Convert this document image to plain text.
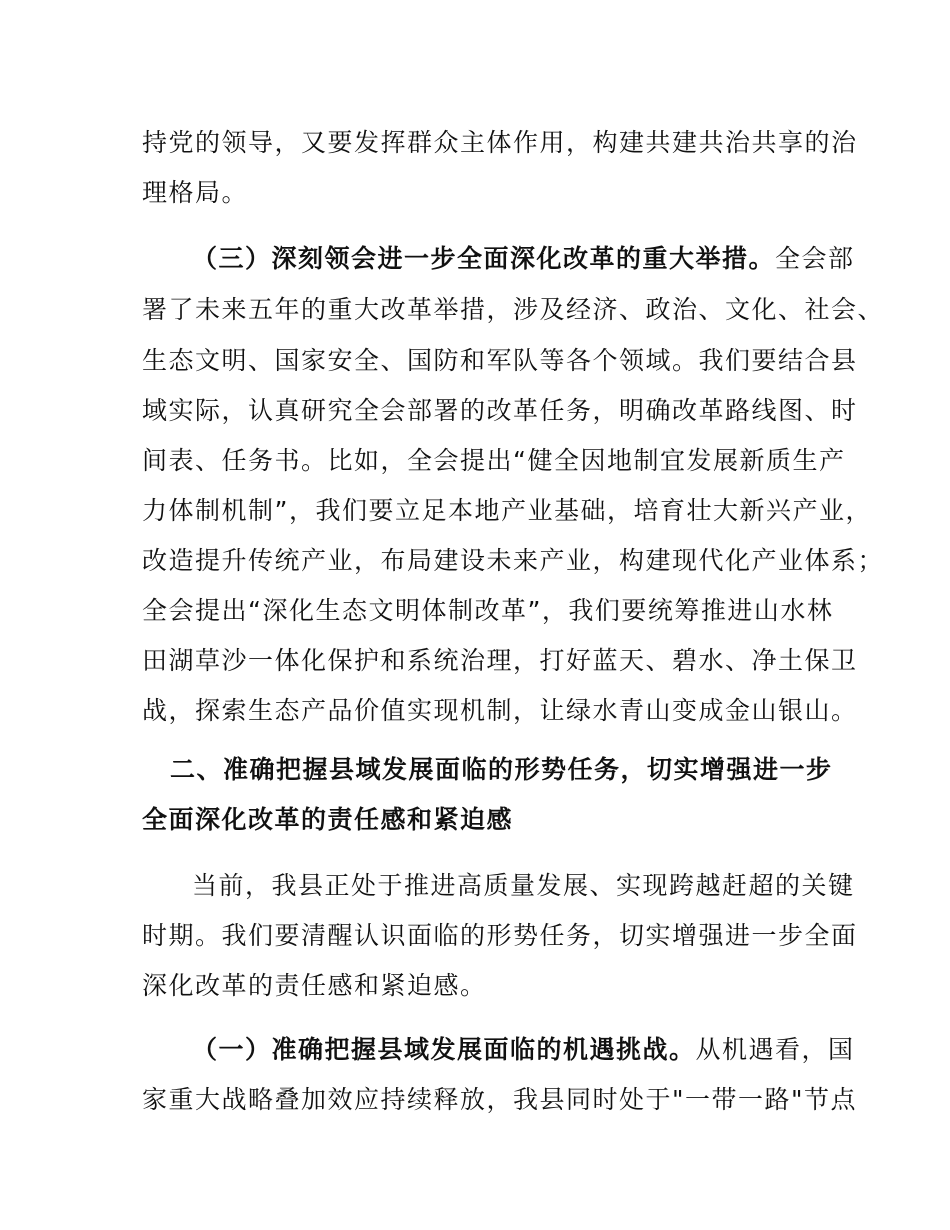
持党的领导，又要发挥群众主体作用，构建共建共治共享的治
理格局。
（三）深刻领会进一步全面深化改革的重大举措。全会部
署了未来五年的重大改革举措，涉及经济、政治、文化、社会、
生态文明、国家安全、国防和军队等各个领域。我们要结合县
域实际，认真研究全会部署的改革任务，明确改革路线图、时
间表、任务书。比如，全会提出“健全因地制宜发展新质生产
力体制机制”，我们要立足本地产业基础，培育壮大新兴产业，
改造提升传统产业，布局建设未来产业，构建现代化产业体系；
全会提出“深化生态文明体制改革”，我们要统筹推进山水林
田湖草沙一体化保护和系统治理，打好蓝天、碧水、净土保卫
战，探索生态产品价值实现机制，让绿水青山变成金山银山。
二、准确把握县域发展面临的形势任务，切实增强进一步
全面深化改革的责任感和紧迫感
当前，我县正处于推进高质量发展、实现跨越赶超的关键
时期。我们要清醒认识面临的形势任务，切实增强进一步全面
深化改革的责任感和紧迫感。
（一）准确把握县域发展面临的机遇挑战。从机遇看，国
家重大战略叠加效应持续释放，我县同时处于"一带一路"节点
